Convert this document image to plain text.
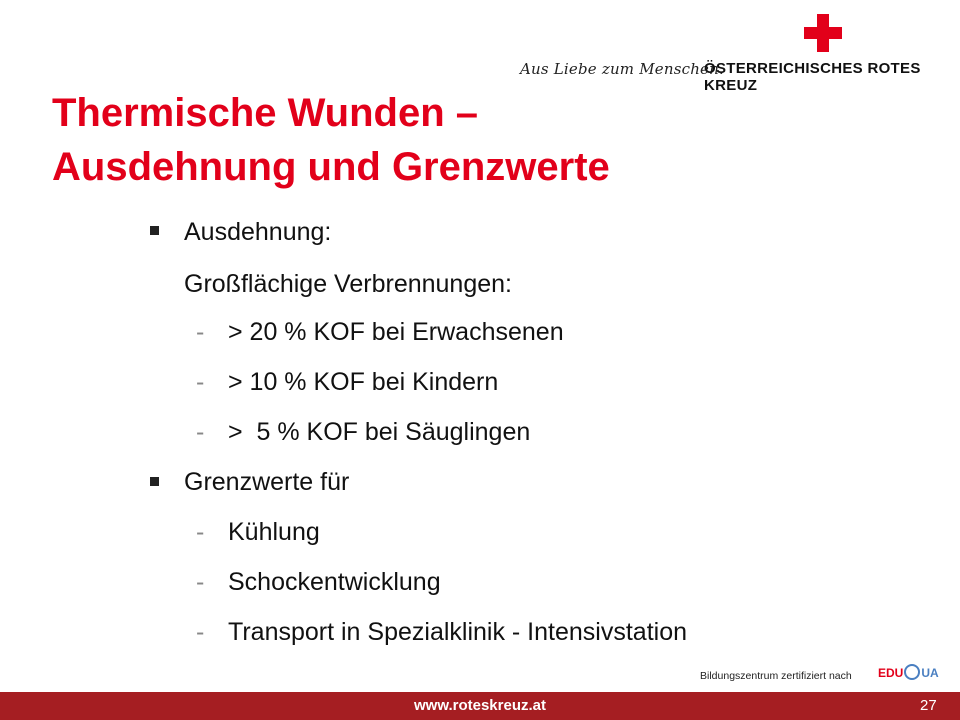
Aus Liebe zum Menschen.
ÖSTERREICHISCHES ROTES KREUZ
Thermische Wunden –
Ausdehnung und Grenzwerte
Ausdehnung:
Großflächige Verbrennungen:
- > 20 % KOF bei Erwachsenen
- > 10 % KOF bei Kindern
- >  5 % KOF bei Säuglingen
Grenzwerte für
- Kühlung
- Schockentwicklung
- Transport in Spezialklinik - Intensivstation
Bildungszentrum zertifiziert nach EDU UA
www.roteskreuz.at	27
